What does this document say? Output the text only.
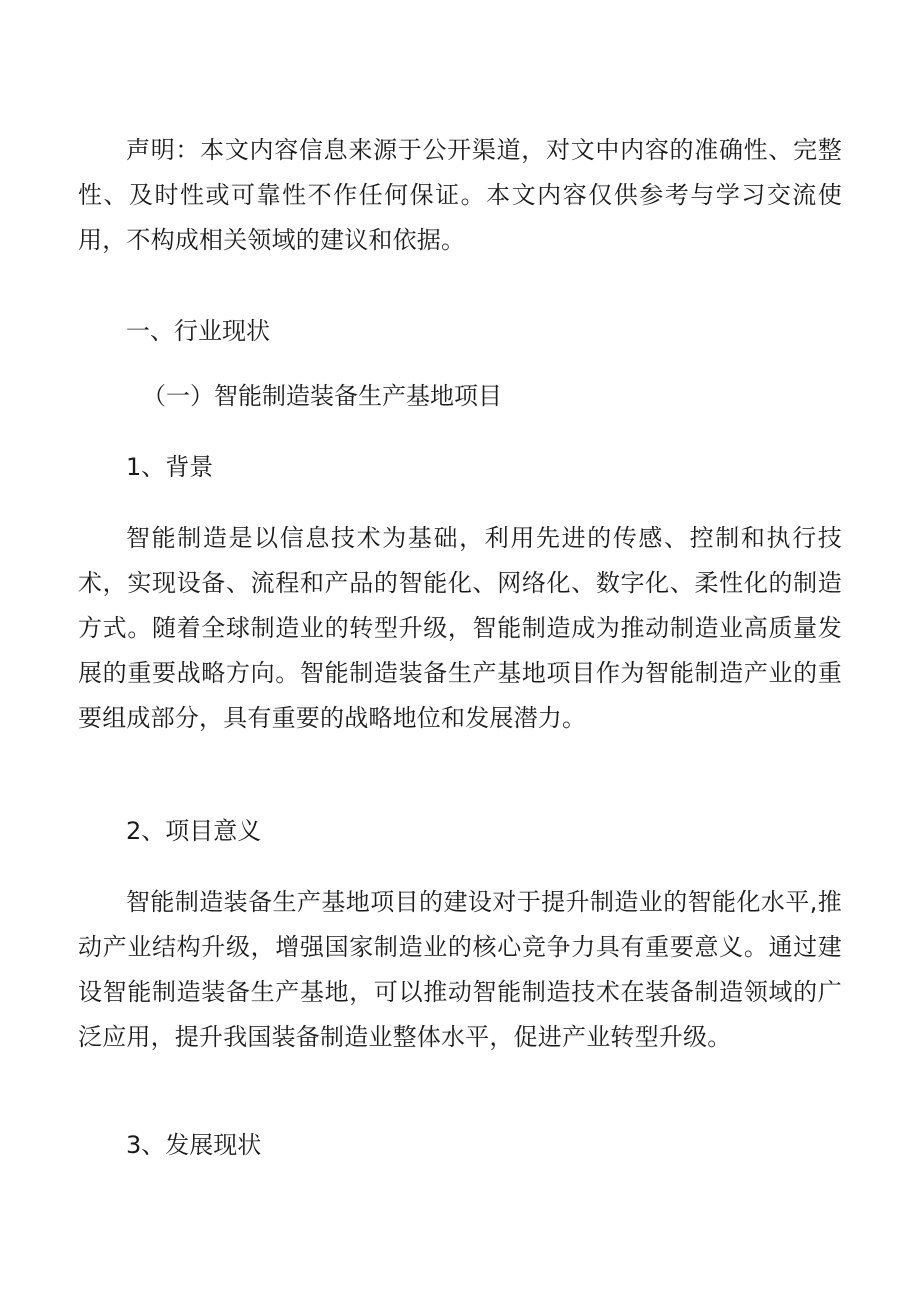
声明：本文内容信息来源于公开渠道，对文中内容的准确性、完整性、及时性或可靠性不作任何保证。本文内容仅供参考与学习交流使用，不构成相关领域的建议和依据。

一、行业现状

（一）智能制造装备生产基地项目

1、背景

智能制造是以信息技术为基础，利用先进的传感、控制和执行技术，实现设备、流程和产品的智能化、网络化、数字化、柔性化的制造方式。随着全球制造业的转型升级，智能制造成为推动制造业高质量发展的重要战略方向。智能制造装备生产基地项目作为智能制造产业的重要组成部分，具有重要的战略地位和发展潜力。

2、项目意义

智能制造装备生产基地项目的建设对于提升制造业的智能化水平,推动产业结构升级，增强国家制造业的核心竞争力具有重要意义。通过建设智能制造装备生产基地，可以推动智能制造技术在装备制造领域的广泛应用，提升我国装备制造业整体水平，促进产业转型升级。

3、发展现状
